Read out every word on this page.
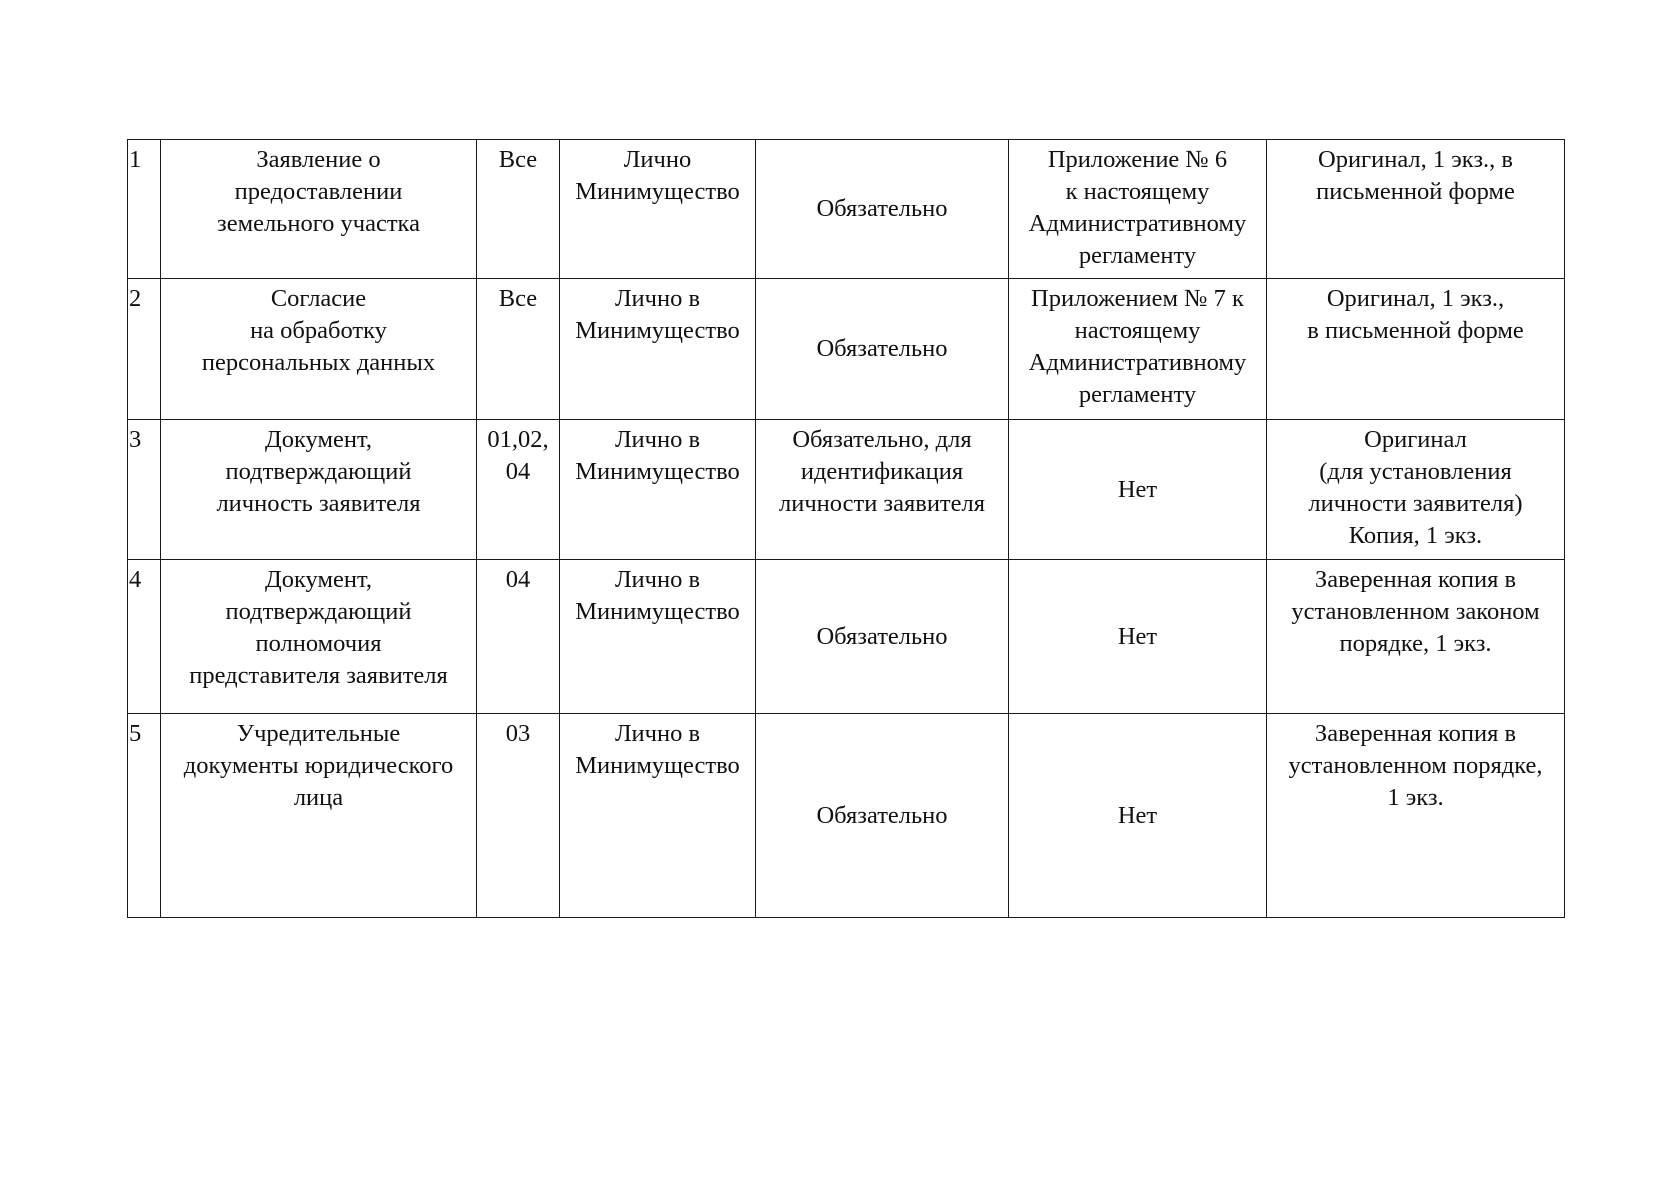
1	Заявление о
предоставлении
земельного участка	Все	Лично
Минимущество	Обязательно	Приложение № 6
к настоящему
Административному
регламенту	Оригинал, 1 экз., в
письменной форме
2	Согласие
на обработку
персональных данных	Все	Лично в
Минимущество	Обязательно	Приложением № 7 к
настоящему
Административному
регламенту	Оригинал, 1 экз.,
в письменной форме
3	Документ,
подтверждающий
личность заявителя	01,02,
04	Лично в
Минимущество	Обязательно, для
идентификация
личности заявителя	Нет	Оригинал
(для установления
личности заявителя)
Копия, 1 экз.
4	Документ,
подтверждающий
полномочия
представителя заявителя	04	Лично в
Минимущество	Обязательно	Нет	Заверенная копия в
установленном законом
порядке, 1 экз.
5	Учредительные
документы юридического
лица	03	Лично в
Минимущество	Обязательно	Нет	Заверенная копия в
установленном порядке,
1 экз.
